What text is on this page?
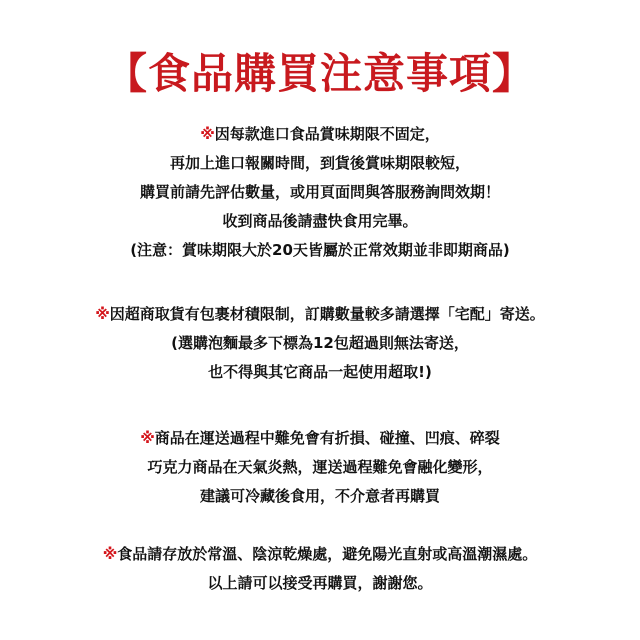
【食品購買注意事項】
※因每款進口食品賞味期限不固定，
再加上進口報關時間，到貨後賞味期限較短，
購買前請先評估數量，或用頁面問與答服務詢問效期！
收到商品後請盡快食用完畢。
(注意：賞味期限大於20天皆屬於正常效期並非即期商品)
※因超商取貨有包裹材積限制，訂購數量較多請選擇「宅配」寄送。
(選購泡麵最多下標為12包超過則無法寄送，
也不得與其它商品一起使用超取!)
※商品在運送過程中難免會有折損、碰撞、凹痕、碎裂
巧克力商品在天氣炎熱，運送過程難免會融化變形，
建議可冷藏後食用，不介意者再購買
※食品請存放於常溫、陰涼乾燥處，避免陽光直射或高溫潮濕處。
以上請可以接受再購買，謝謝您。
